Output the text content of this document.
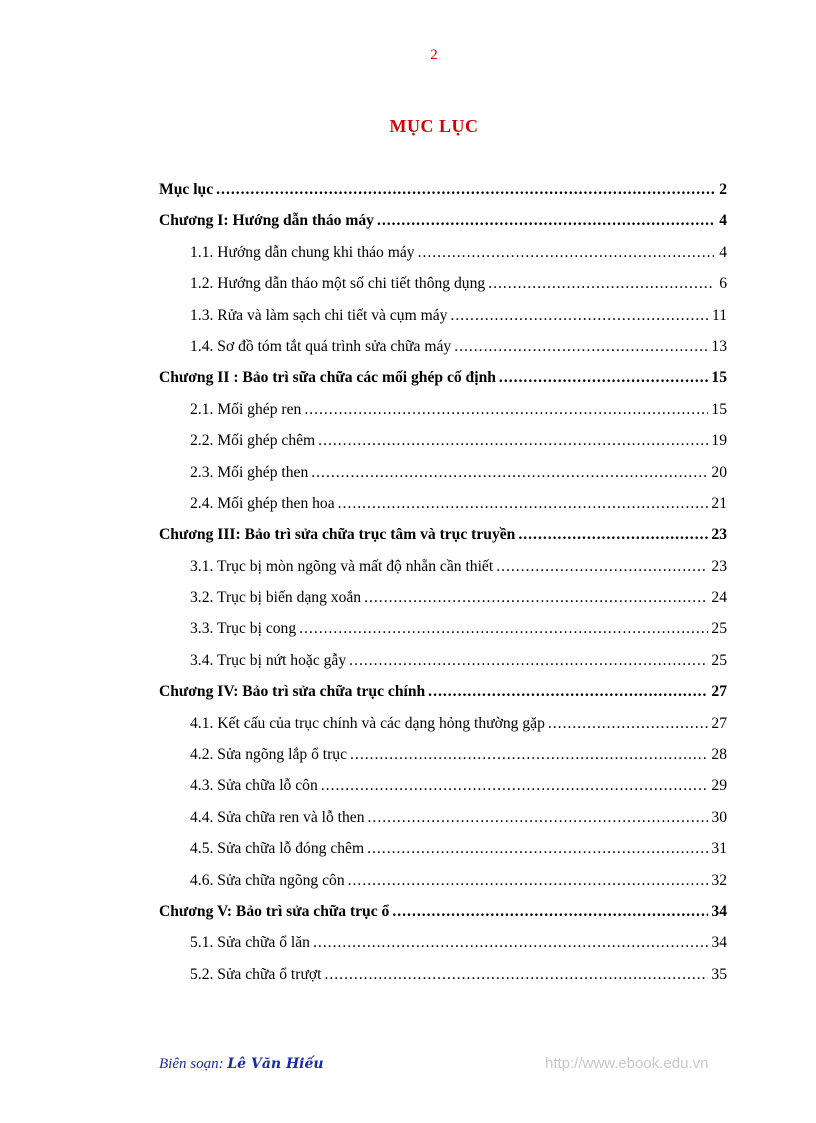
2
MỤC LỤC
Mục lục .....	2
Chương I: Hướng dẫn tháo máy .....	4
1.1. Hướng dẫn chung khi tháo máy .....	4
1.2. Hướng dẫn tháo một số chi tiết thông dụng .....	6
1.3. Rửa và làm sạch chi tiết và cụm máy .....	11
1.4. Sơ đồ tóm tắt quá trình sửa chữa máy .....	13
Chương II : Bảo trì sữa chữa các mối ghép cố định .....	15
2.1. Mối ghép ren .....	15
2.2. Mối ghép chêm .....	19
2.3. Mối ghép then .....	20
2.4. Mối ghép then hoa .....	21
Chương III: Bảo trì sửa chữa trục tâm và trục truyền .....	23
3.1. Trục bị mòn ngõng và mất độ nhẵn cần thiết .....	23
3.2. Trục bị biến dạng xoắn .....	24
3.3. Trục bị cong .....	25
3.4. Trục bị nứt hoặc gẫy .....	25
Chương IV: Bảo trì sửa chữa trục chính .....	27
4.1. Kết cấu của trục chính và các dạng hỏng thường gặp .....	27
4.2. Sửa ngõng lắp ổ trục .....	28
4.3. Sửa chữa lỗ côn .....	29
4.4. Sửa chữa ren và lỗ then .....	30
4.5. Sửa chữa lỗ đóng chêm .....	31
4.6. Sửa chữa ngõng côn .....	32
Chương V: Bảo trì sửa chữa trục ổ .....	34
5.1. Sửa chữa ổ lăn .....	34
5.2. Sửa chữa ổ trượt .....	35
Biên soạn: Lê Văn Hiếu	http://www.ebook.edu.vn
